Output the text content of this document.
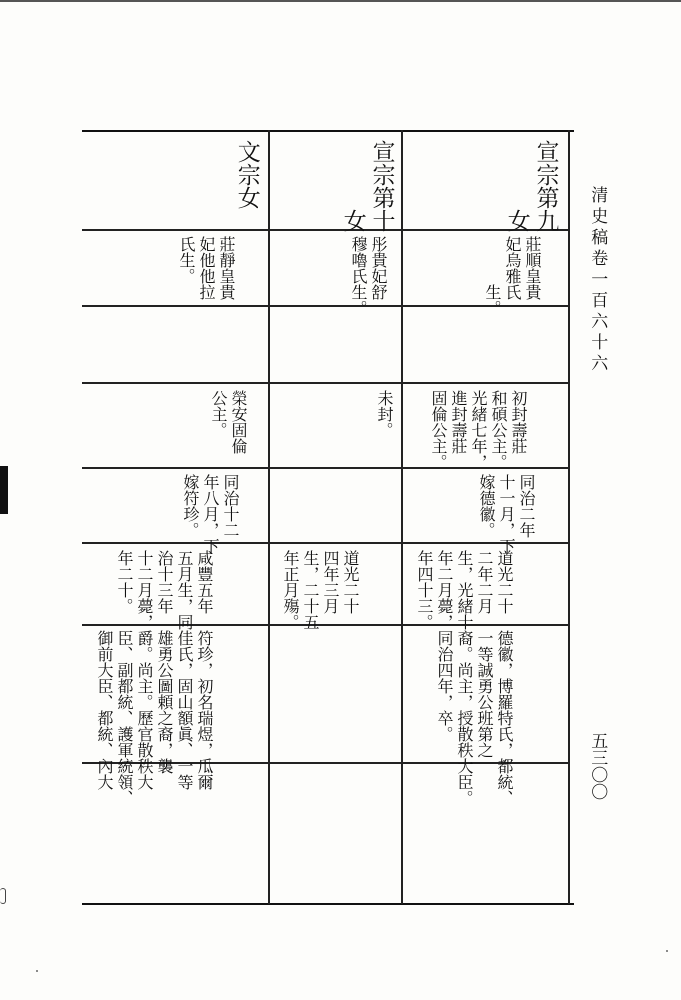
清史稿卷一百六十六
五三〇〇
宣宗第九
　　　女
莊順皇貴
妃烏雅氏
　　　生。
初封壽莊
和碩公主。
光緒七年，
進封壽莊
固倫公主。
同治二年
十一月，下
嫁德徽。
道光二十
二年二月
生，光緒十
年二月薨，
年四十三。
德徽，博羅特氏，都統、
一等誠勇公班第之
裔。尚主，授散秩大臣。
同治四年，卒。
宣宗第十
　　　女
彤貴妃舒
穆嚕氏生。
未封。
道光二十
四年三月
生，二十五
年正月殤。
文宗女
莊靜皇貴
妃他他拉
氏生。
榮安固倫
公主。
同治十二
年八月，下
嫁符珍。
咸豐五年
五月生，同
治十三年
十二月薨，
年二十。
符珍，初名瑞煜，瓜爾
佳氏，固山額眞、一等
雄勇公圖頼之裔，襲
爵。尚主。歷官散秩大
臣、副都統、護軍統領、
御前大臣、都統、內大
